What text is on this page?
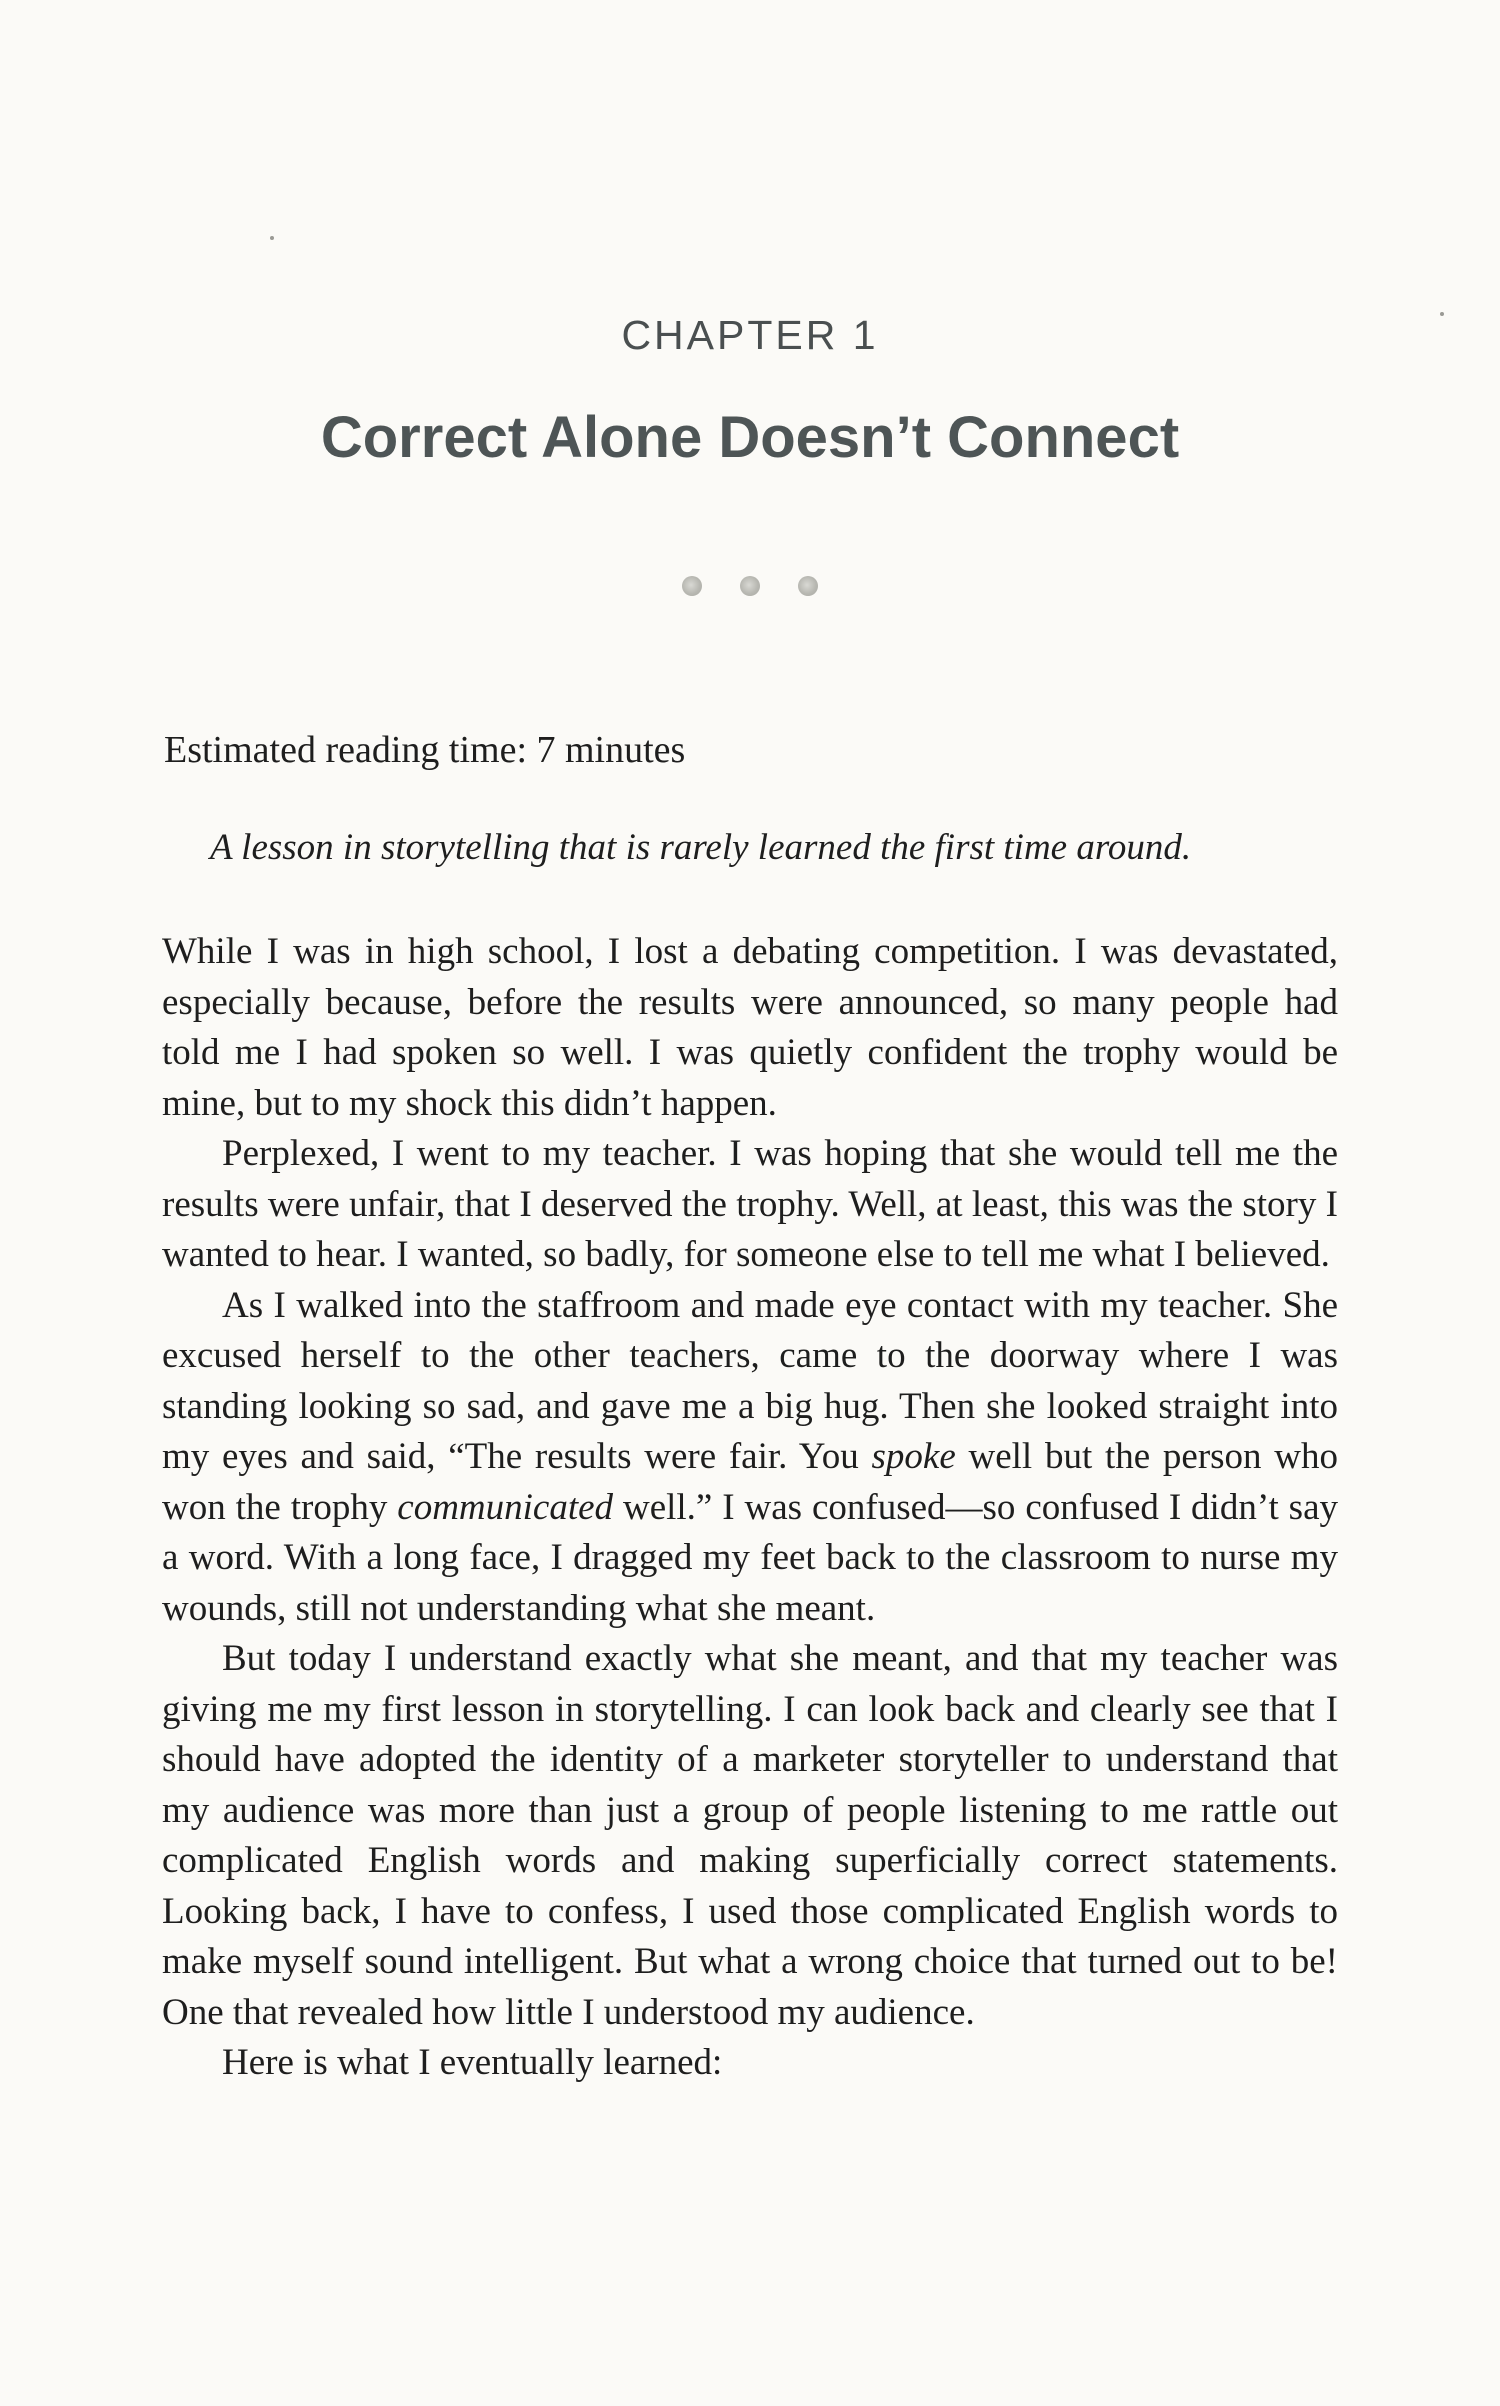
CHAPTER 1
Correct Alone Doesn’t Connect
Estimated reading time: 7 minutes
A lesson in storytelling that is rarely learned the first time around.

While I was in high school, I lost a debating competition. I was devastated, especially because, before the results were announced, so many people had told me I had spoken so well. I was quietly confident the trophy would be mine, but to my shock this didn’t happen.

Perplexed, I went to my teacher. I was hoping that she would tell me the results were unfair, that I deserved the trophy. Well, at least, this was the story I wanted to hear. I wanted, so badly, for someone else to tell me what I believed.

As I walked into the staffroom and made eye contact with my teacher. She excused herself to the other teachers, came to the doorway where I was standing looking so sad, and gave me a big hug. Then she looked straight into my eyes and said, “The results were fair. You spoke well but the person who won the trophy communicated well.” I was confused—so confused I didn’t say a word. With a long face, I dragged my feet back to the classroom to nurse my wounds, still not understanding what she meant.

But today I understand exactly what she meant, and that my teacher was giving me my first lesson in storytelling. I can look back and clearly see that I should have adopted the identity of a marketer storyteller to understand that my audience was more than just a group of people listening to me rattle out complicated English words and making superficially correct statements. Looking back, I have to confess, I used those complicated English words to make myself sound intelligent. But what a wrong choice that turned out to be! One that revealed how little I understood my audience.

Here is what I eventually learned:
